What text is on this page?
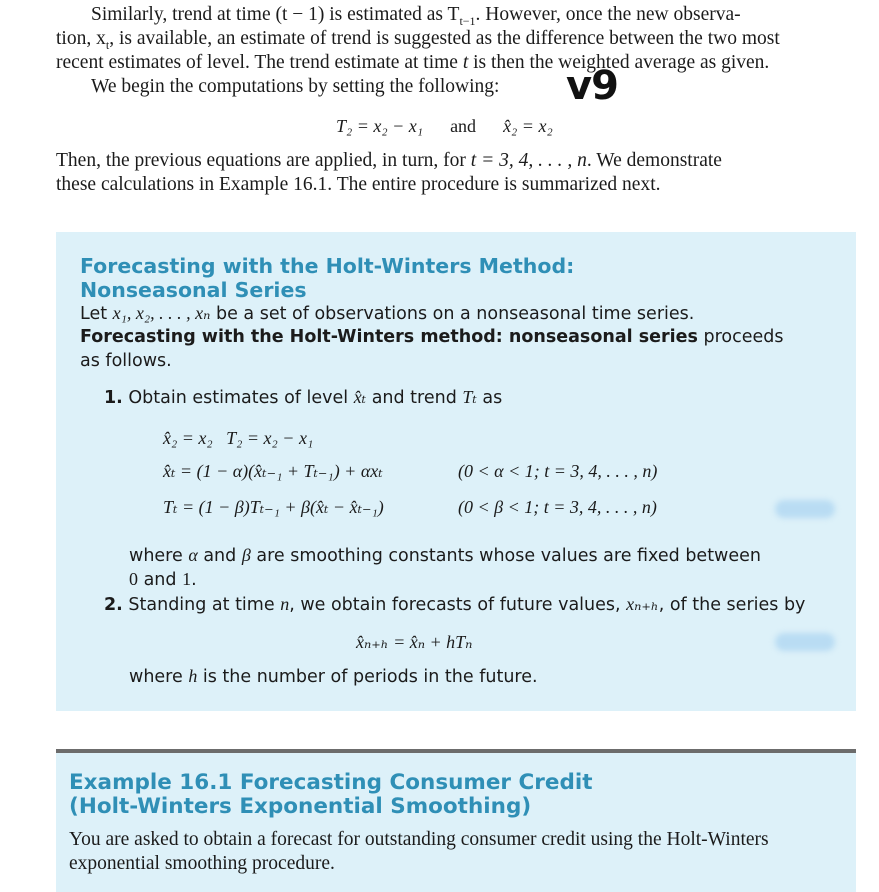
Similarly, trend at time (t − 1) is estimated as $T_{t-1}$. However, once the new observa-
tion, $x_t$, is available, an estimate of trend is suggested as the difference between the two most
recent estimates of level. The trend estimate at time t is then the weighted average as given.
We begin the computations by setting the following: v9
T₂ = x₂ − x₁ and x̂₂ = x₂
Then, the previous equations are applied, in turn, for t = 3, 4, . . . , n. We demonstrate
these calculations in Example 16.1. The entire procedure is summarized next.
Forecasting with the Holt-Winters Method:
Nonseasonal Series
Let x₁, x₂, . . . , xₙ be a set of observations on a nonseasonal time series.
Forecasting with the Holt-Winters method: nonseasonal series proceeds
as follows.
1. Obtain estimates of level x̂ₜ and trend Tₜ as
x̂₂ = x₂   T₂ = x₂ − x₁
x̂ₜ = (1 − α)(x̂ₜ₋₁ + Tₜ₋₁) + αxₜ	(0 < α < 1; t = 3, 4, . . . , n)
Tₜ = (1 − β)Tₜ₋₁ + β(x̂ₜ − x̂ₜ₋₁)	(0 < β < 1; t = 3, 4, . . . , n)
where α and β are smoothing constants whose values are fixed between
0 and 1.
2. Standing at time n, we obtain forecasts of future values, xₙ₊ₕ, of the series by
x̂ₙ₊ₕ = x̂ₙ + hTₙ
where h is the number of periods in the future.
Example 16.1 Forecasting Consumer Credit
(Holt-Winters Exponential Smoothing)
You are asked to obtain a forecast for outstanding consumer credit using the Holt-Winters
exponential smoothing procedure.
